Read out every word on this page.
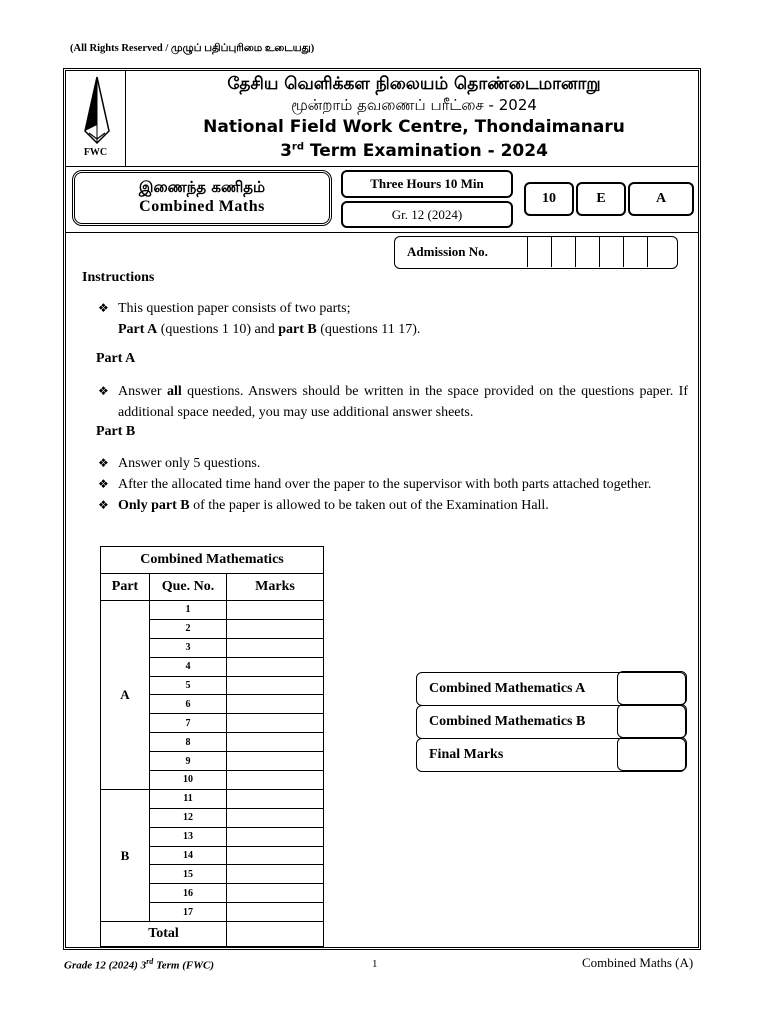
(All Rights Reserved / முழுப் பதிப்புரிமை உடையது)
FWC
தேசிய வெளிக்கள நிலையம் தொண்டைமானாறு
மூன்றாம் தவணைப் பரீட்சை - 2024
National Field Work Centre, Thondaimanaru
3rd Term Examination - 2024
இணைந்த கணிதம்
Combined Maths
Three Hours 10 Min
Gr. 12 (2024)
10	E	A
Admission No.
Instructions
❖ This question paper consists of two parts;
Part A (questions 1 10) and part B (questions 11 17).
Part A
❖ Answer all questions. Answers should be written in the space provided on the questions paper. If additional space needed, you may use additional answer sheets.
Part B
❖ Answer only 5 questions.
❖ After the allocated time hand over the paper to the supervisor with both parts attached together.
❖ Only part B of the paper is allowed to be taken out of the Examination Hall.
Combined Mathematics		
Part	Que. No.	Marks
A	1	
	2	
	3	
	4	
	5	
	6	
	7	
	8	
	9	
	10	
B	11	
	12	
	13	
	14	
	15	
	16	
	17	
Total		
Combined Mathematics A
Combined Mathematics B
Final Marks
Grade 12 (2024) 3rd Term (FWC)	1	Combined Maths (A)
